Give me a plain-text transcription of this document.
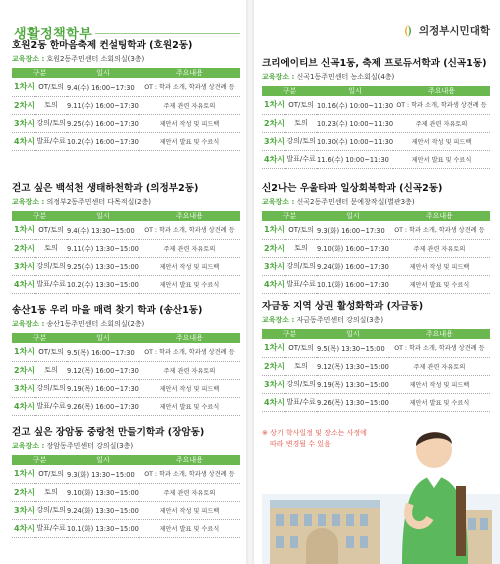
생활정책학부	의정부시민대학
호원2동 한마음축제 컨설팅학과 (호원2동)
교육장소 : 호원2동주민센터 소회의실(3층)
구분		일시	주요내용
1차시	OT/토의	9.4(수) 16:00~17:30	OT : 학과 소개, 학과생 상견례 등
2차시	토의	9.11(수) 16:00~17:30	주제 관련 자유토의
3차시	강의/토의	9.25(수) 16:00~17:30	제안서 작성 및 피드백
4차시	발표/수료	10.2(수) 16:00~17:30	제안서 발표 및 수료식
걷고 싶은 백석천 생태하천학과 (의정부2동)
교육장소 : 의정부2동주민센터 다목적실(2층)
구분		일시	주요내용
1차시	OT/토의	9.4(수) 13:30~15:00	OT : 학과 소개, 학과생 상견례 등
2차시	토의	9.11(수) 13:30~15:00	주제 관련 자유토의
3차시	강의/토의	9.25(수) 13:30~15:00	제안서 작성 및 피드백
4차시	발표/수료	10.2(수) 13:30~15:00	제안서 발표 및 수료식
송산1동 우리 마을 매력 찾기 학과 (송산1동)
교육장소 : 송산1동주민센터 소회의실(2층)
구분		일시	주요내용
1차시	OT/토의	9.5(목) 16:00~17:30	OT : 학과 소개, 학과생 상견례 등
2차시	토의	9.12(목) 16:00~17:30	주제 관련 자유토의
3차시	강의/토의	9.19(목) 16:00~17:30	제안서 작성 및 피드백
4차시	발표/수료	9.26(목) 16:00~17:30	제안서 발표 및 수료식
걷고 싶은 장암동 중랑천 만들기학과 (장암동)
교육장소 : 장암동주민센터 강의실(3층)
구분		일시	주요내용
1차시	OT/토의	9.3(화) 13:30~15:00	OT : 학과 소개, 학과생 상견례 등
2차시	토의	9.10(화) 13:30~15:00	주제 관련 자유토의
3차시	강의/토의	9.24(화) 13:30~15:00	제안서 작성 및 피드백
4차시	발표/수료	10.1(화) 13:30~15:00	제안서 발표 및 수료식
크리에이티브 신곡1동, 축제 프로듀서학과 (신곡1동)
교육장소 : 신곡1동주민센터 농소회실(4층)
구분		일시	주요내용
1차시	OT/토의	10.16(수) 10:00~11:30	OT : 학과 소개, 학과생 상견례 등
2차시	토의	10.23(수) 10:00~11:30	주제 관련 자유토의
3차시	강의/토의	10.30(수) 10:00~11:30	제안서 작성 및 피드백
4차시	발표/수료	11.6(수) 10:00~11:30	제안서 발표 및 수료식
신2나는 우울타파 일상회복학과 (신곡2동)
교육장소 : 신곡2동주민센터 문예창작실(별관3층)
구분		일시	주요내용
1차시	OT/토의	9.3(화) 16:00~17:30	OT : 학과 소개, 학과생 상견례 등
2차시	토의	9.10(화) 16:00~17:30	주제 관련 자유토의
3차시	강의/토의	9.24(화) 16:00~17:30	제안서 작성 및 피드백
4차시	발표/수료	10.1(화) 16:00~17:30	제안서 발표 및 수료식
자금동 지역 상권 활성화학과 (자금동)
교육장소 : 자금동주민센터 강의실(3층)
구분		일시	주요내용
1차시	OT/토의	9.5(목) 13:30~15:00	OT : 학과 소개, 학과생 상견례 등
2차시	토의	9.12(목) 13:30~15:00	주제 관련 자유토의
3차시	강의/토의	9.19(목) 13:30~15:00	제안서 작성 및 피드백
4차시	발표/수료	9.26(목) 13:30~15:00	제안서 발표 및 수료식
※ 상기 학사일정 및 장소는 사정에
따라 변경될 수 있음
